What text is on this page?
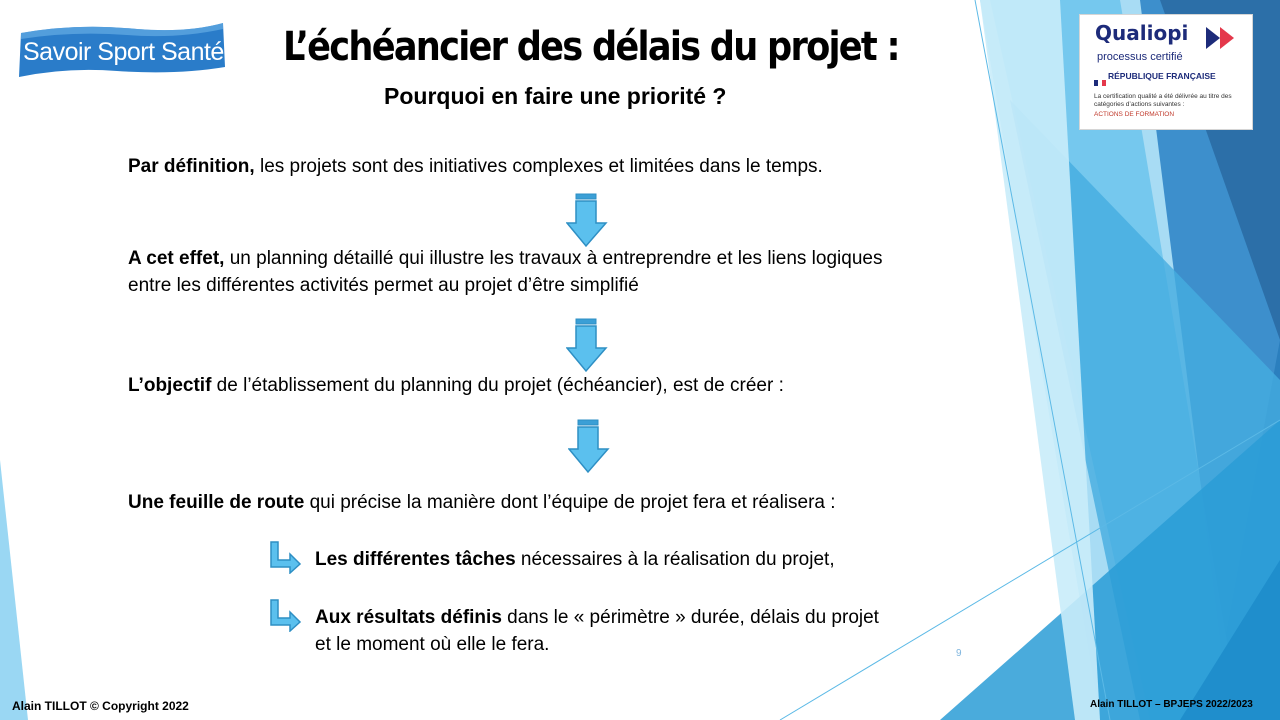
Savoir Sport Santé L’échéancier des délais du projet :
Pourquoi en faire une priorité ?
Qualiopi
processus certifié
RÉPUBLIQUE FRANÇAISE
La certification qualité a été délivrée au titre des catégories d’actions suivantes :
ACTIONS DE FORMATION
Par définition, les projets sont des initiatives complexes et limitées dans le temps.
A cet effet, un planning détaillé qui illustre les travaux à entreprendre et les liens logiques
entre les différentes activités permet au projet d’être simplifié
L’objectif de l’établissement du planning du projet (échéancier), est de créer :
Une feuille de route qui précise la manière dont l’équipe de projet fera et réalisera :
Les différentes tâches nécessaires à la réalisation du projet,
Aux résultats définis dans le « périmètre » durée, délais du projet
et le moment où elle le fera.	9
Alain TILLOT © Copyright 2022	Alain TILLOT – BPJEPS 2022/2023
